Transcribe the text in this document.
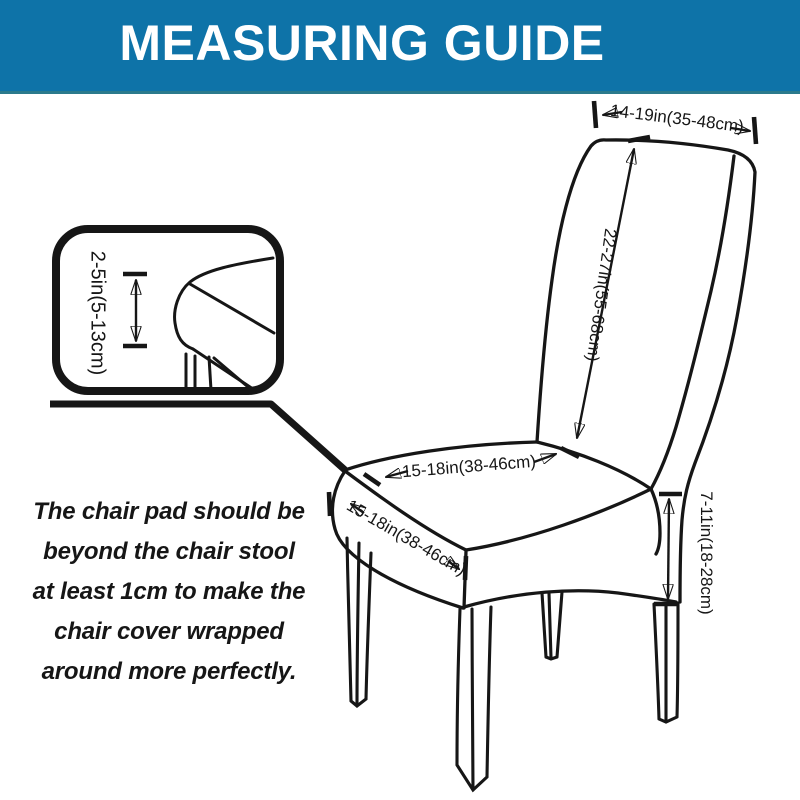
MEASURING GUIDE
14-19in(35-48cm)
22-27in(55-68cm)
15-18in(38-46cm)
15-18in(38-46cm)	7-11in(18-28cm)
2-5in(5-13cm)
The chair pad should be
beyond the chair stool
at least 1cm to make the
chair cover wrapped
around more perfectly.
